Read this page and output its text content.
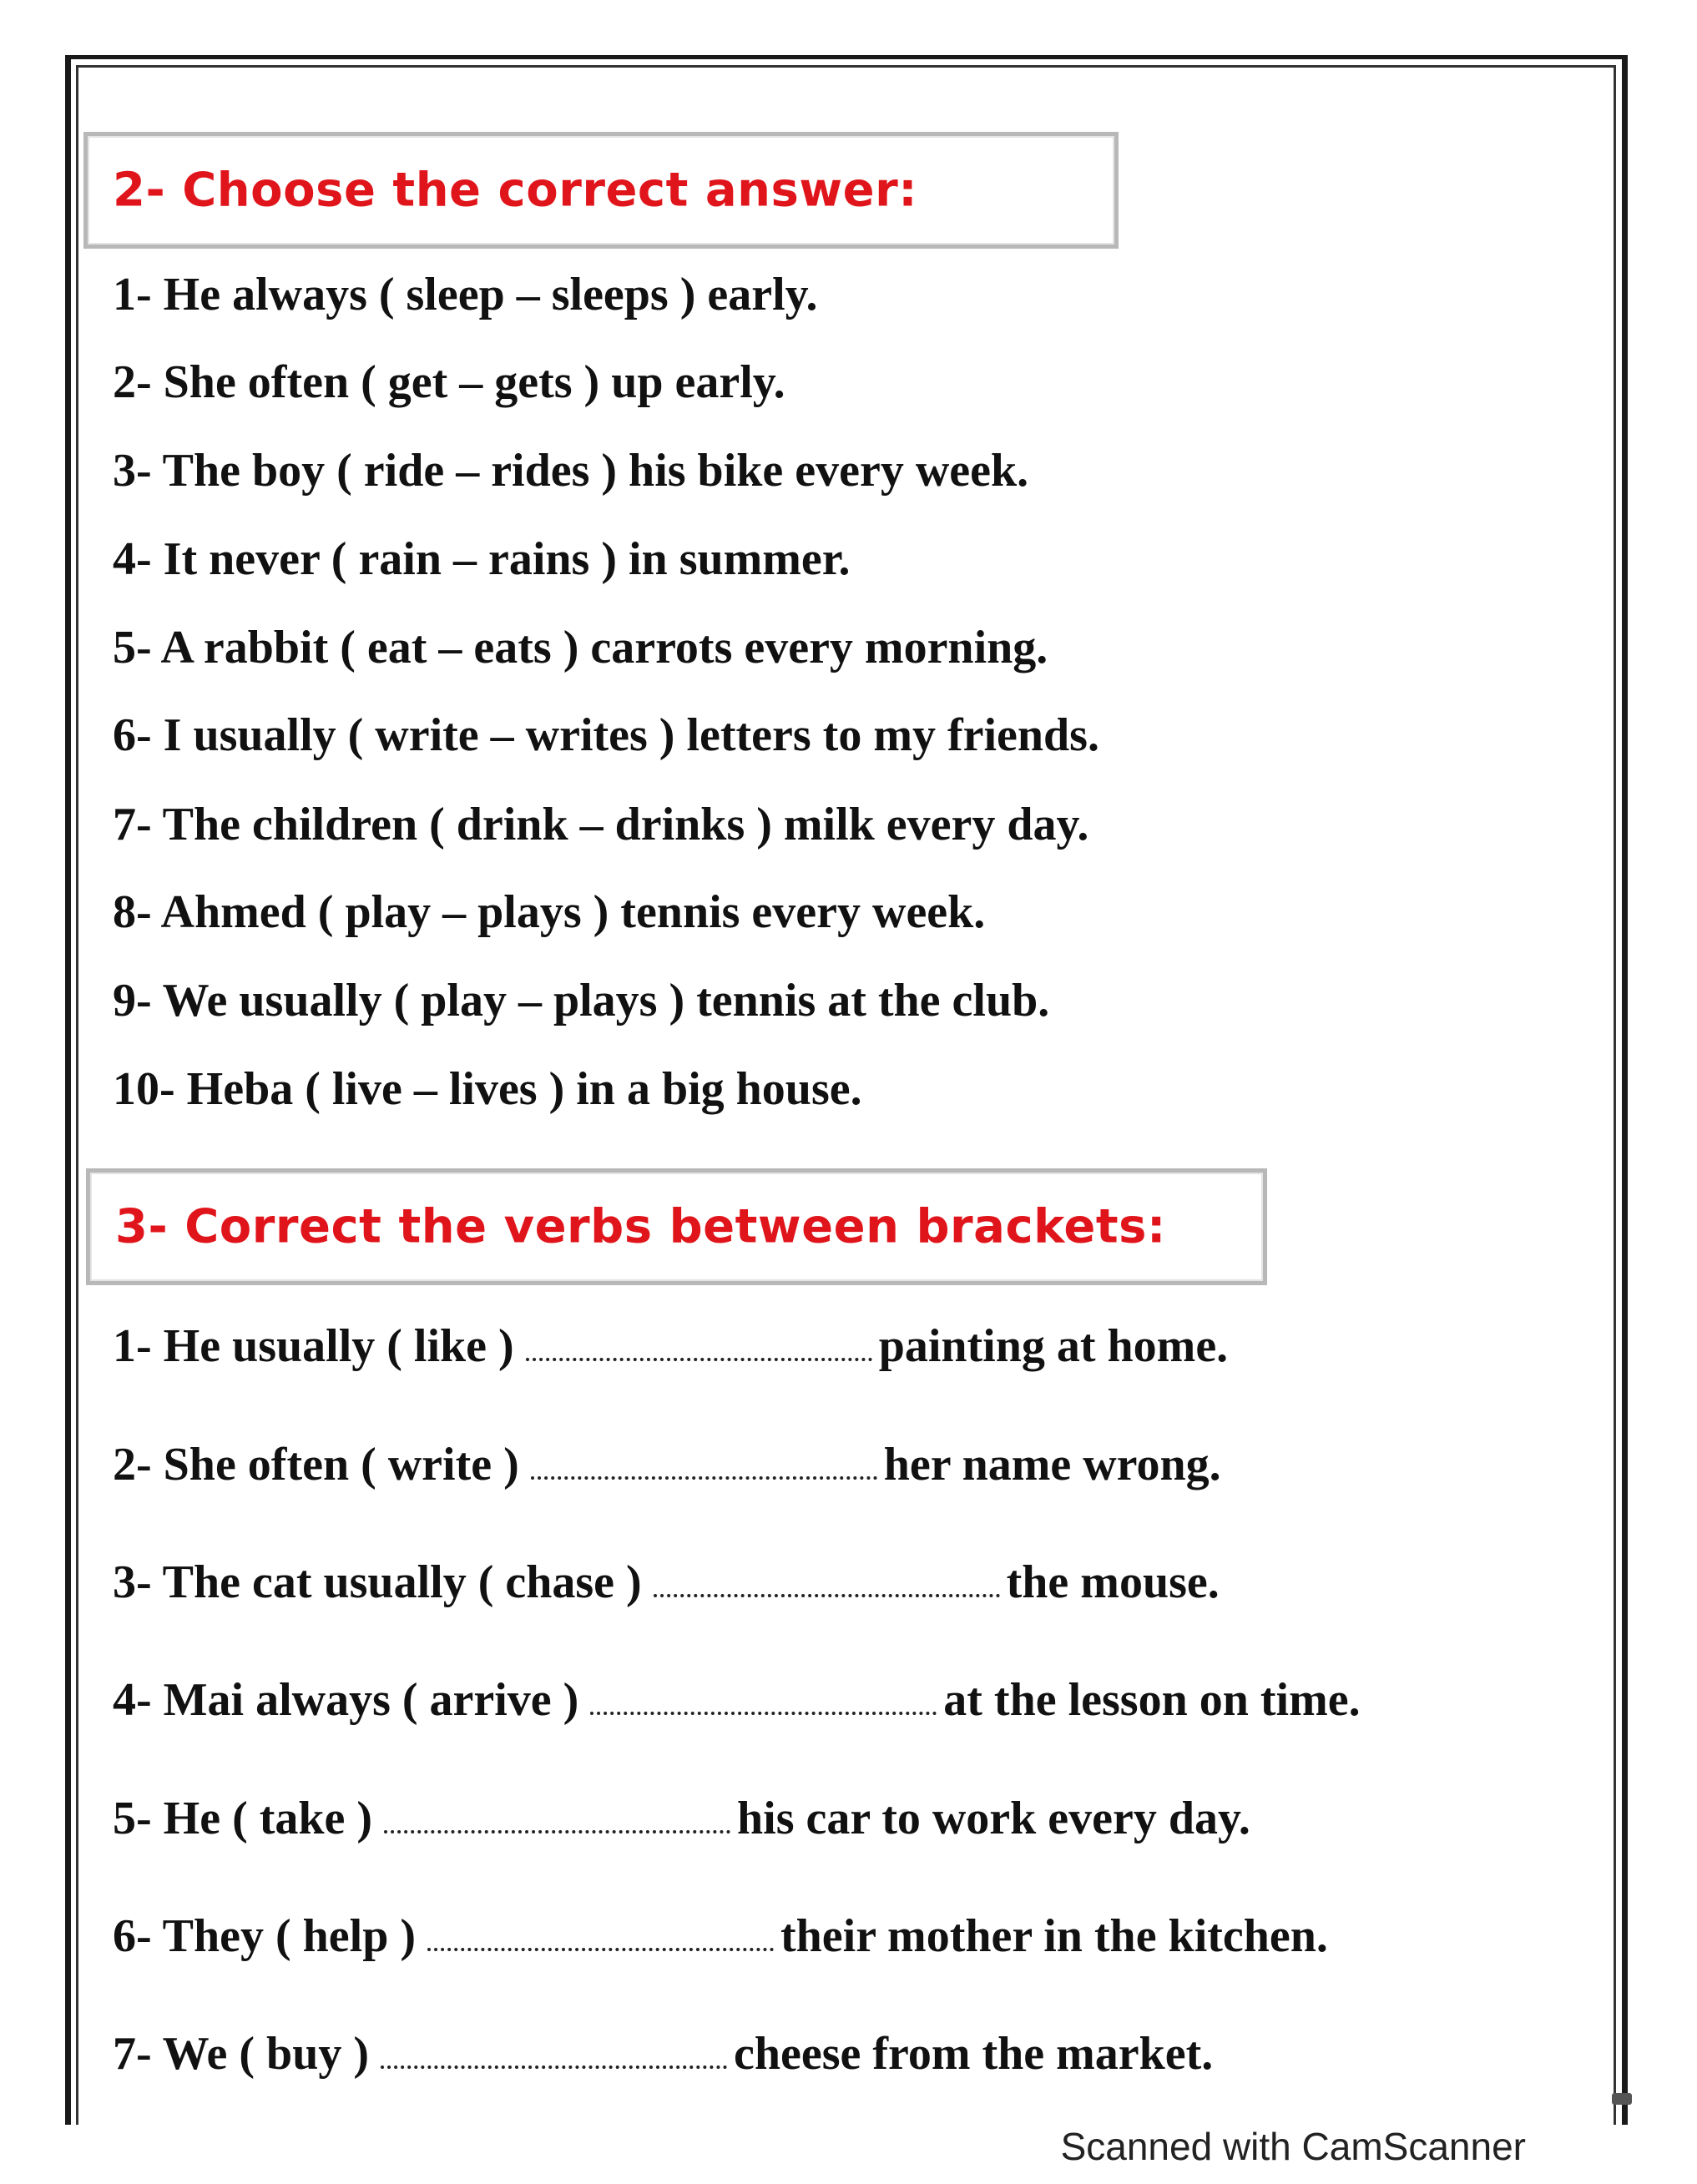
2- Choose the correct answer:
1- He always ( sleep – sleeps ) early.
2- She often ( get – gets ) up early.
3- The boy ( ride – rides ) his bike every week.
4- It never ( rain – rains ) in summer.
5- A rabbit ( eat – eats ) carrots every morning.
6- I usually ( write – writes ) letters to my friends.
7- The children ( drink – drinks ) milk every day.
8- Ahmed ( play – plays ) tennis every week.
9- We usually ( play – plays ) tennis at the club.
10- Heba ( live – lives ) in a big house.
3- Correct the verbs between brackets:
1- He usually ( like )	painting at home.
2- She often ( write )	her name wrong.
3- The cat usually ( chase )	the mouse.
4- Mai always ( arrive )	at the lesson on time.
5- He ( take )	his car to work every day.
6- They ( help )	their mother in the kitchen.
7- We ( buy )	cheese from the market.
Scanned with CamScanner
